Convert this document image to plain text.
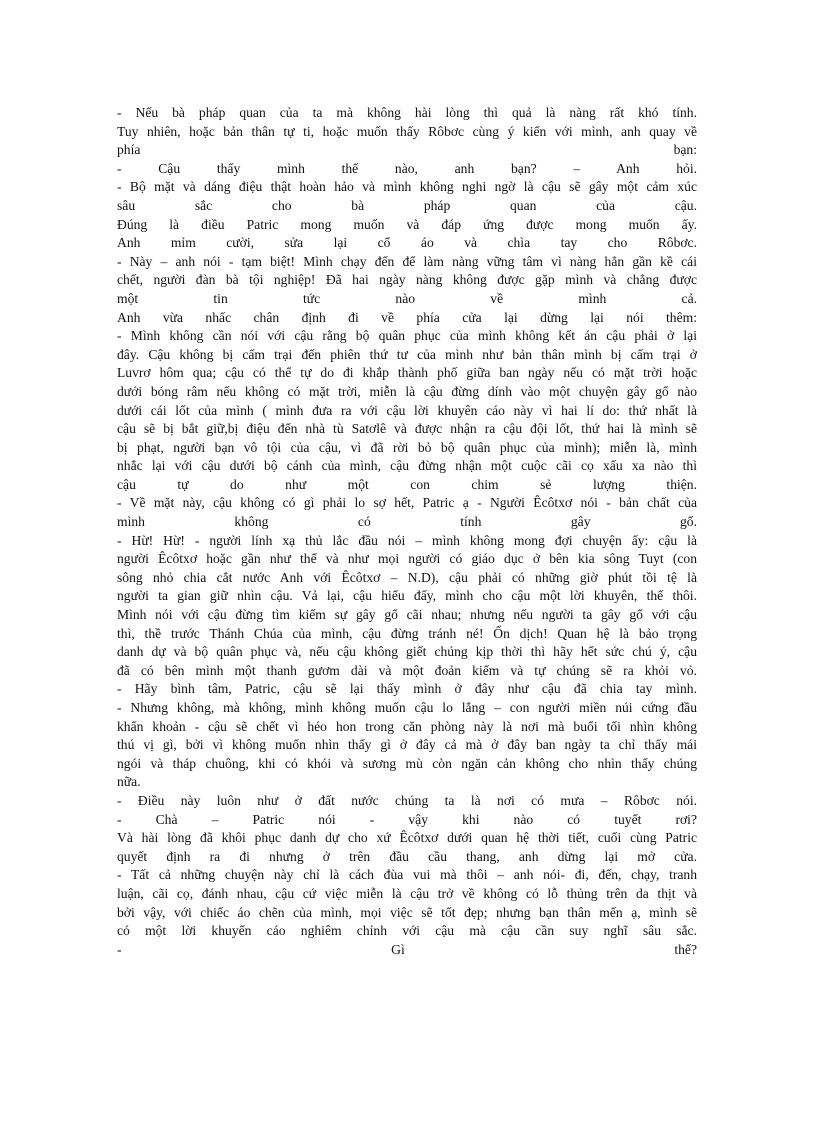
- Nếu bà pháp quan của ta mà không hài lòng thì quả là nàng rất khó tính.
Tuy nhiên, hoặc bản thân tự ti, hoặc muốn thấy Rôbơc cùng ý kiến với mình, anh quay về
phía bạn:
- Cậu thấy mình thế nào, anh bạn? – Anh hỏi.
- Bộ mặt và dáng điệu thật hoàn hảo và mình không nghi ngờ là cậu sẽ gây một cảm xúc
sâu sắc cho bà pháp quan của cậu.
Đúng là điều Patric mong muốn và đáp ứng được mong muốn ấy.
Anh mỉm cười, sửa lại cổ áo và chìa tay cho Rôbơc.
- Này – anh nói - tạm biệt! Mình chạy đến để làm nàng vững tâm vì nàng hẳn gần kề cái
chết, người đàn bà tội nghiệp! Đã hai ngày nàng không được gặp mình và chẳng được
một tin tức nào về mình cả.
Anh vừa nhấc chân định đi về phía cửa lại dừng lại nói thêm:
- Mình không cần nói với cậu rằng bộ quân phục của mình không kết án cậu phải ở lại
đây. Cậu không bị cấm trại đến phiên thứ tư của mình như bản thân mình bị cấm trại ở
Luvrơ hôm qua; cậu có thể tự do đi khắp thành phố giữa ban ngày nếu có mặt trời hoặc
dưới bóng râm nếu không có mặt trời, miễn là cậu đừng dính vào một chuyện gây gổ nào
dưới cái lốt của mình ( mình đưa ra với cậu lời khuyên cáo này vì hai lí do: thứ nhất là
cậu sẽ bị bắt giữ,bị điệu đến nhà tù Satơlê và được nhận ra cậu đội lốt, thứ hai là mình sẽ
bị phạt, người bạn vô tội của cậu, vì đã rời bỏ bộ quân phục của mình); miễn là, mình
nhắc lại với cậu dưới bộ cánh của mình, cậu đừng nhận một cuộc cãi cọ xấu xa nào thì
cậu tự do như một con chim sẻ lượng thiện.
- Về mặt này, cậu không có gì phải lo sợ hết, Patric ạ - Người Êcôtxơ nói - bản chất của
mình không có tính gây gổ.
- Hừ! Hừ! - người lính xạ thủ lắc đầu nói – mình không mong đợi chuyện ấy: cậu là
người Êcôtxơ hoặc gần như thế và như mọi người có giáo dục ở bên kia sông Tuyt (con
sông nhỏ chia cắt nước Anh với Êcôtxơ – N.D), cậu phải có những giờ phút tồi tệ là
người ta gian giữ nhìn cậu. Vả lại, cậu hiểu đấy, mình cho cậu một lời khuyên, thế thôi.
Mình nói với cậu đừng tìm kiếm sự gây gổ cãi nhau; nhưng nếu người ta gây gổ với cậu
thì, thề trước Thánh Chúa của mình, cậu đừng tránh né! Ổn dịch! Quan hệ là bảo trọng
danh dự và bộ quân phục và, nếu cậu không giết chúng kịp thời thì hãy hết sức chú ý, cậu
đã có bên mình một thanh gươm dài và một đoản kiếm và tự chúng sẽ ra khỏi vỏ.
- Hãy bình tâm, Patric, cậu sẽ lại thấy mình ở đây như cậu đã chia tay mình.
- Nhưng không, mà không, mình không muốn cậu lo lắng – con người miền núi cứng đầu
khẩn khoản - cậu sẽ chết vì héo hon trong căn phòng này là nơi mà buổi tối nhìn không
thú vị gì, bởi vì không muốn nhìn thấy gì ở đây cả mà ở đây ban ngày ta chỉ thấy mái
ngói và tháp chuông, khi có khói và sương mù còn ngăn cản không cho nhìn thấy chúng
nữa.
- Điều này luôn như ở đất nước chúng ta là nơi có mưa – Rôbơc nói.
- Chà – Patric nói - vậy khi nào có tuyết rơi?
Và hài lòng đã khôi phục danh dự cho xứ Êcôtxơ dưới quan hệ thời tiết, cuối cùng Patric
quyết định ra đi nhưng ở trên đầu cầu thang, anh dừng lại mở cửa.
- Tất cả những chuyện này chỉ là cách đùa vui mà thôi – anh nói- đi, đến, chạy, tranh
luận, cãi cọ, đánh nhau, cậu cứ việc miễn là cậu trở về không có lỗ thủng trên da thịt và
bởi vậy, với chiếc áo chẽn của mình, mọi việc sẽ tốt đẹp; nhưng bạn thân mến ạ, mình sẽ
có một lời khuyến cáo nghiêm chỉnh với cậu mà cậu cần suy nghĩ sâu sắc.
- Gì thế?
